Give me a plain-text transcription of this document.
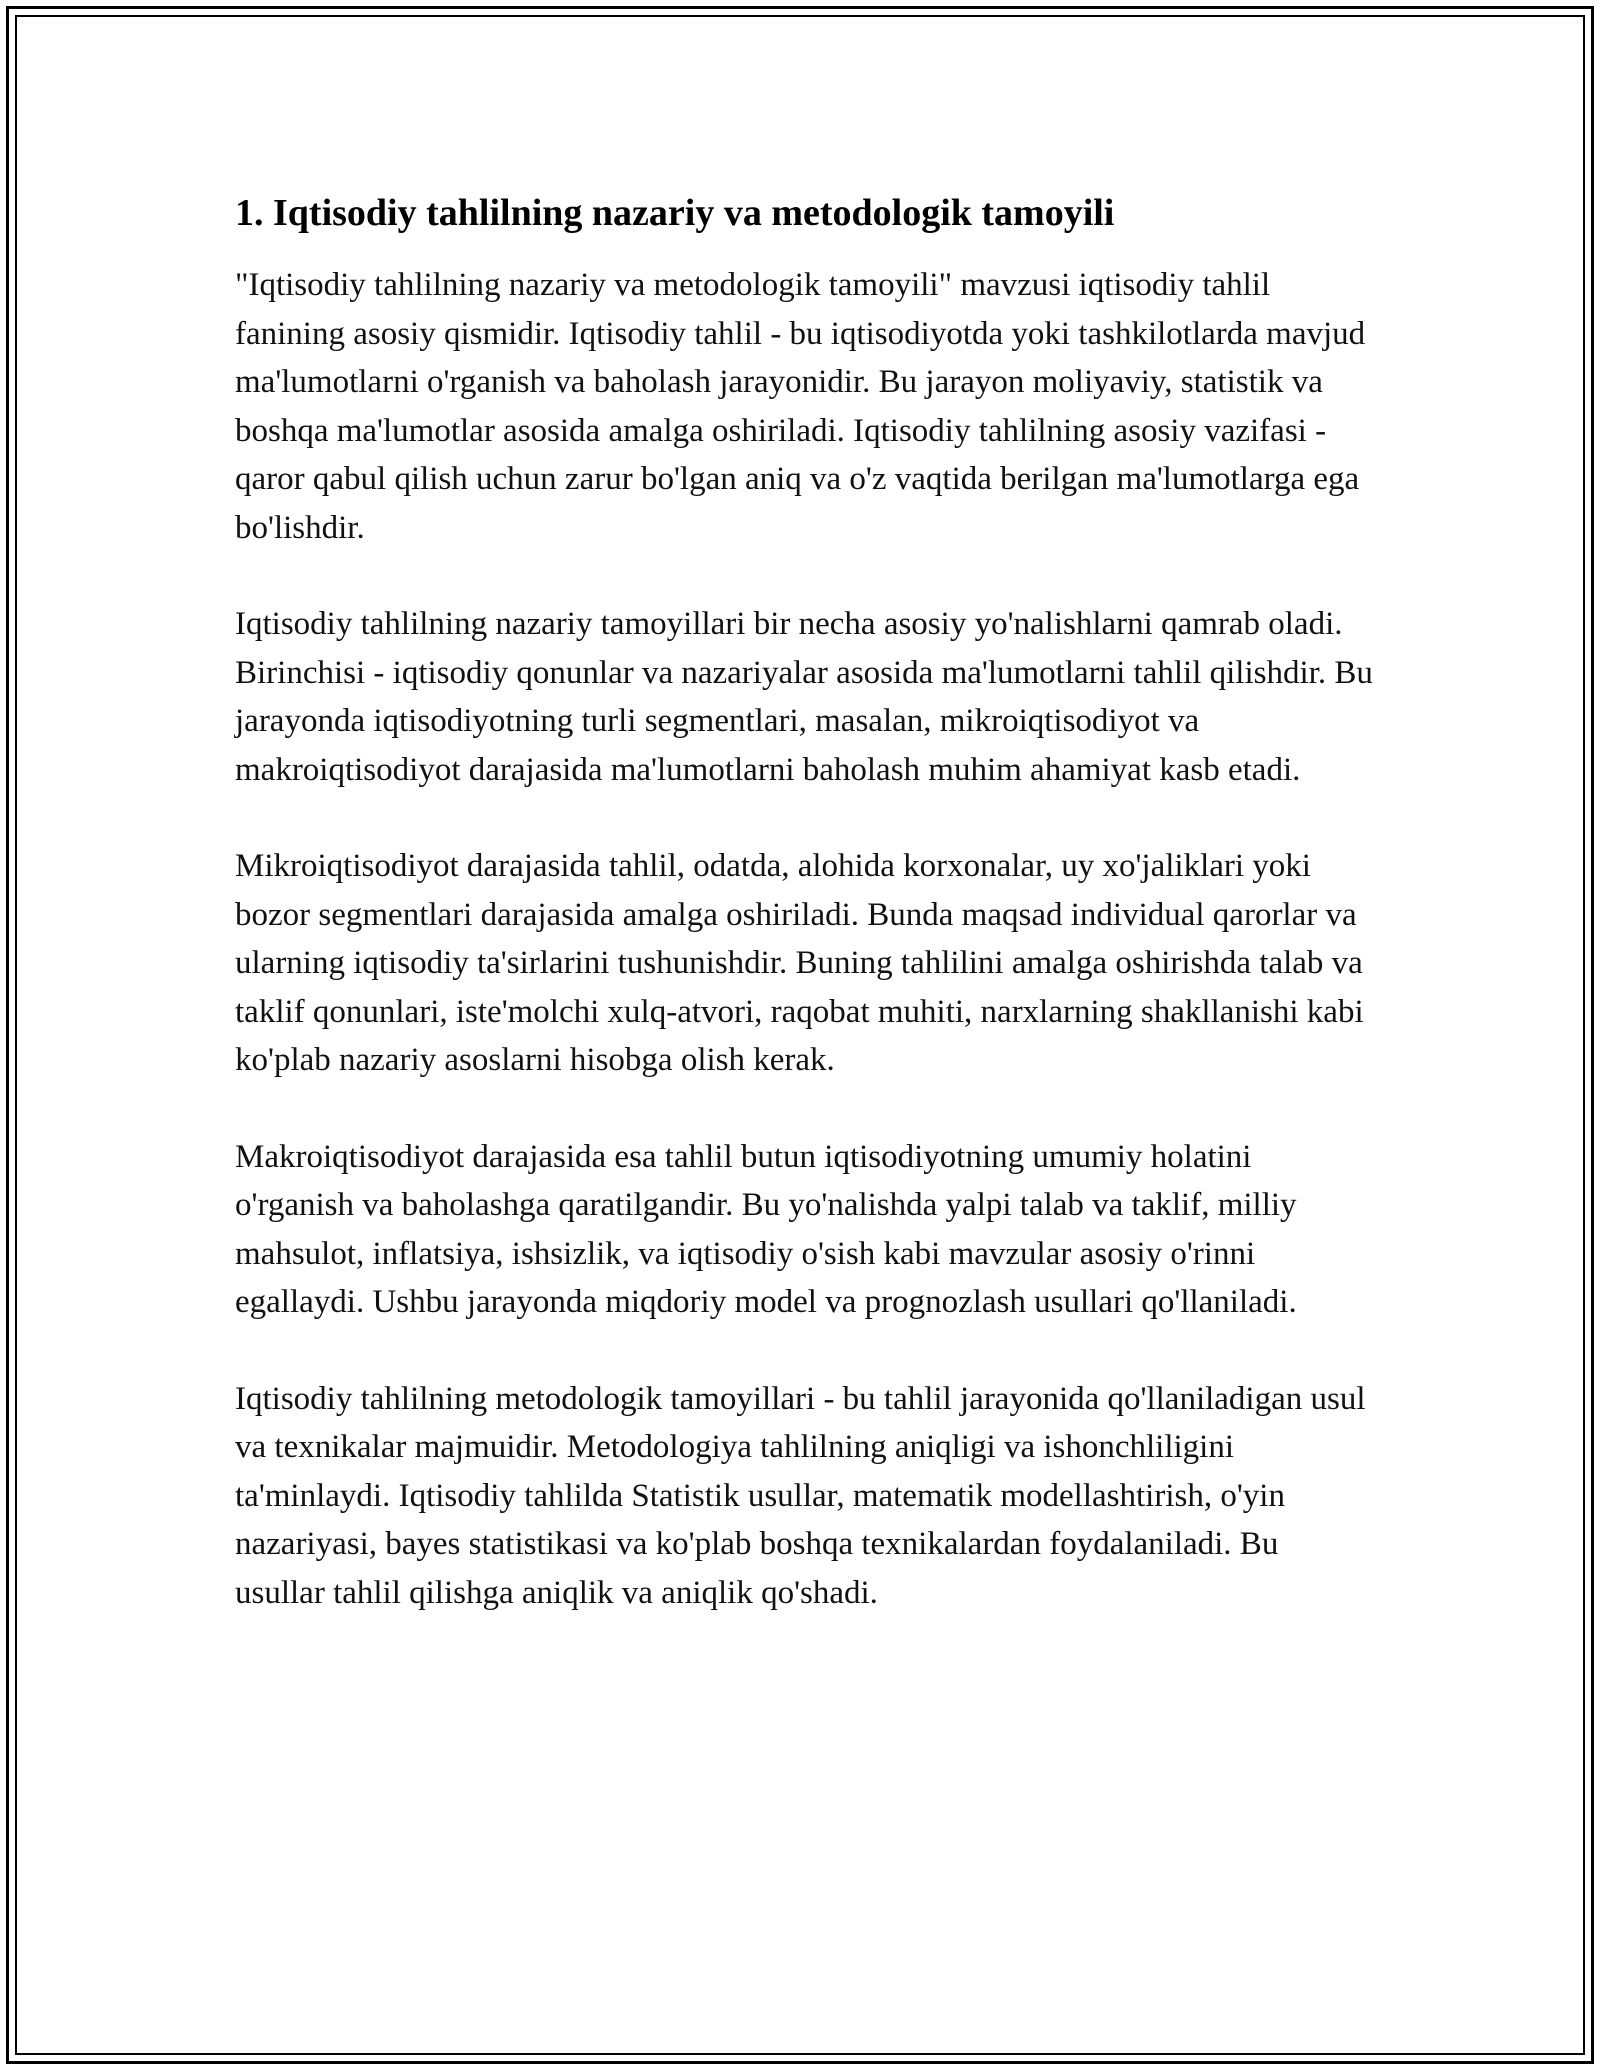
1. Iqtisodiy tahlilning nazariy va metodologik tamoyili

"Iqtisodiy tahlilning nazariy va metodologik tamoyili" mavzusi iqtisodiy tahlil fanining asosiy qismidir. Iqtisodiy tahlil - bu iqtisodiyotda yoki tashkilotlarda mavjud ma'lumotlarni o'rganish va baholash jarayonidir. Bu jarayon moliyaviy, statistik va boshqa ma'lumotlar asosida amalga oshiriladi. Iqtisodiy tahlilning asosiy vazifasi - qaror qabul qilish uchun zarur bo'lgan aniq va o'z vaqtida berilgan ma'lumotlarga ega bo'lishdir.

Iqtisodiy tahlilning nazariy tamoyillari bir necha asosiy yo'nalishlarni qamrab oladi. Birinchisi - iqtisodiy qonunlar va nazariyalar asosida ma'lumotlarni tahlil qilishdir. Bu jarayonda iqtisodiyotning turli segmentlari, masalan, mikroiqtisodiyot va makroiqtisodiyot darajasida ma'lumotlarni baholash muhim ahamiyat kasb etadi.

Mikroiqtisodiyot darajasida tahlil, odatda, alohida korxonalar, uy xo'jaliklari yoki bozor segmentlari darajasida amalga oshiriladi. Bunda maqsad individual qarorlar va ularning iqtisodiy ta'sirlarini tushunishdir. Buning tahlilini amalga oshirishda talab va taklif qonunlari, iste'molchi xulq-atvori, raqobat muhiti, narxlarning shakllanishi kabi ko'plab nazariy asoslarni hisobga olish kerak.

Makroiqtisodiyot darajasida esa tahlil butun iqtisodiyotning umumiy holatini o'rganish va baholashga qaratilgandir. Bu yo'nalishda yalpi talab va taklif, milliy mahsulot, inflatsiya, ishsizlik, va iqtisodiy o'sish kabi mavzular asosiy o'rinni egallaydi. Ushbu jarayonda miqdoriy model va prognozlash usullari qo'llaniladi.

Iqtisodiy tahlilning metodologik tamoyillari - bu tahlil jarayonida qo'llaniladigan usul va texnikalar majmuidir. Metodologiya tahlilning aniqligi va ishonchliligini ta'minlaydi. Iqtisodiy tahlilda Statistik usullar, matematik modellashtirish, o'yin nazariyasi, bayes statistikasi va ko'plab boshqa texnikalardan foydalaniladi. Bu usullar tahlil qilishga aniqlik va aniqlik qo'shadi.
